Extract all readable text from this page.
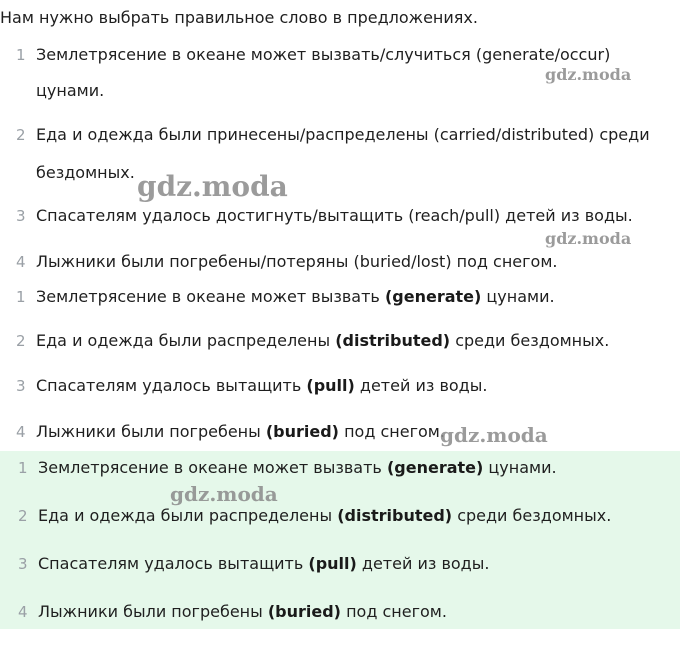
Нам нужно выбрать правильное слово в предложениях.
1 Землетрясение в океане может вызвать/случиться (generate/occur)
цунами.
2 Еда и одежда были принесены/распределены (carried/distributed) среди
бездомных.
3 Спасателям удалось достигнуть/вытащить (reach/pull) детей из воды.
4 Лыжники были погребены/потеряны (buried/lost) под снегом.
1 Землетрясение в океане может вызвать (generate) цунами.
2 Еда и одежда были распределены (distributed) среди бездомных.
3 Спасателям удалось вытащить (pull) детей из воды.
4 Лыжники были погребены (buried) под снегом.
1 Землетрясение в океане может вызвать (generate) цунами.
2 Еда и одежда были распределены (distributed) среди бездомных.
3 Спасателям удалось вытащить (pull) детей из воды.
4 Лыжники были погребены (buried) под снегом.
gdz.moda
gdz.moda
gdz.moda
gdz.moda
gdz.moda
